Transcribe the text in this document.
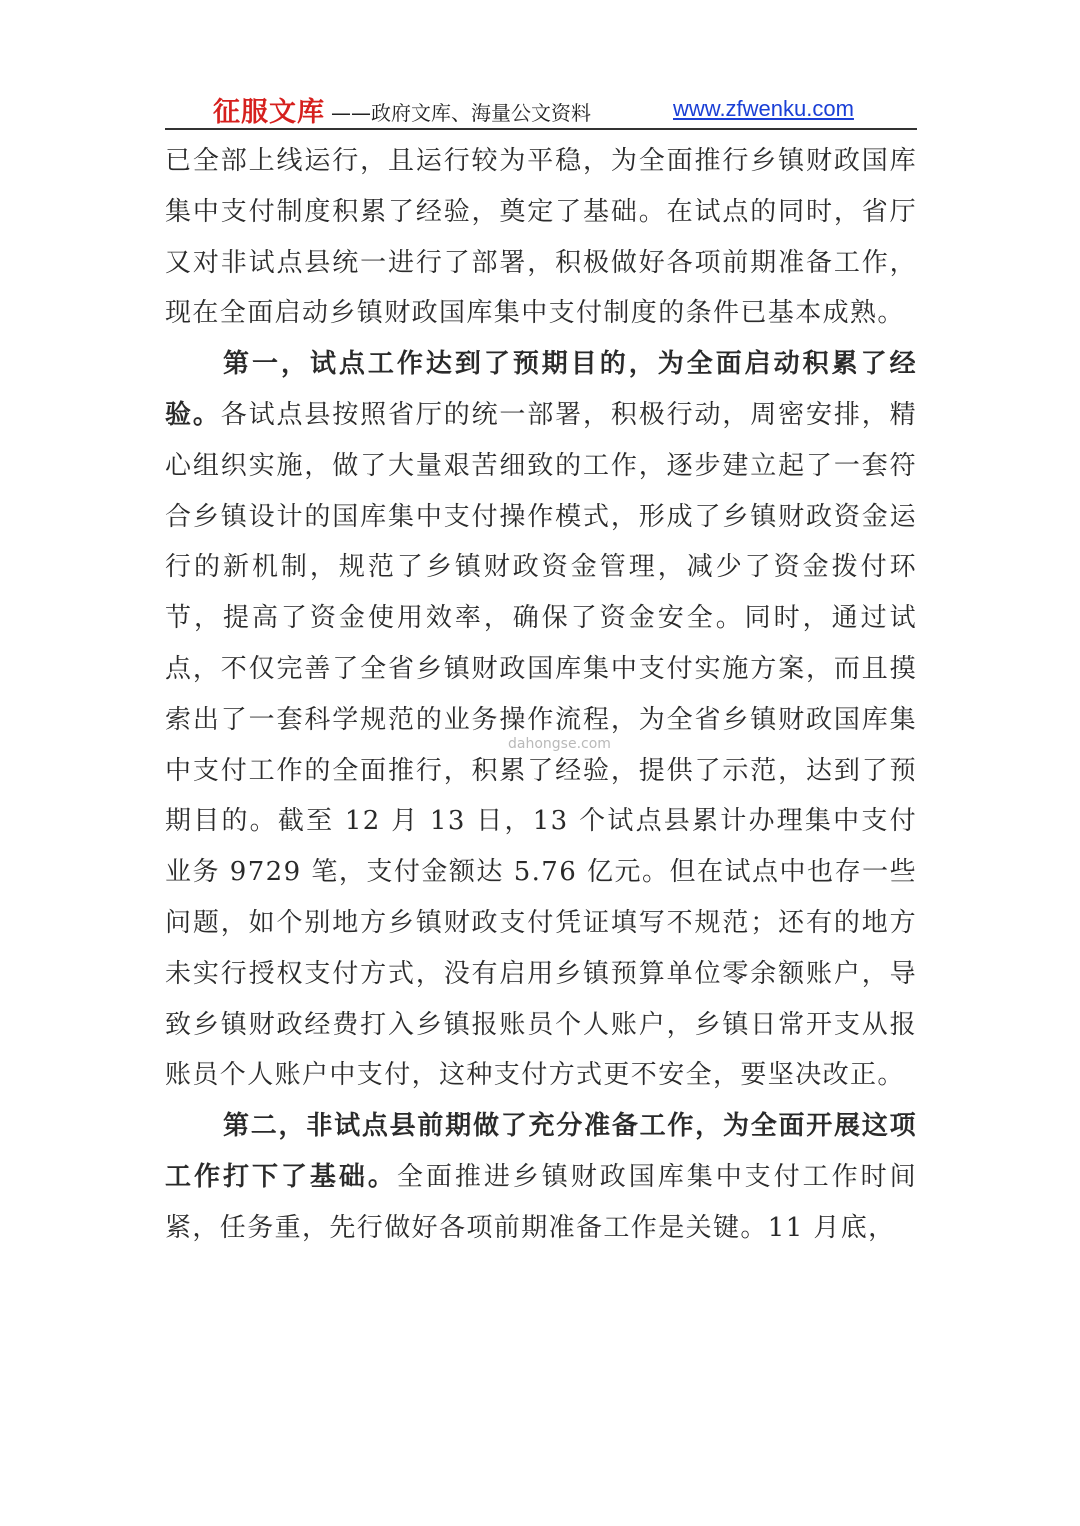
征服文库 ——政府文库、海量公文资料	www.zfwenku.com

已全部上线运行，且运行较为平稳，为全面推行乡镇财政国库集中支付制度积累了经验，奠定了基础。在试点的同时，省厅又对非试点县统一进行了部署，积极做好各项前期准备工作，现在全面启动乡镇财政国库集中支付制度的条件已基本成熟。

第一，试点工作达到了预期目的，为全面启动积累了经验。各试点县按照省厅的统一部署，积极行动，周密安排，精心组织实施，做了大量艰苦细致的工作，逐步建立起了一套符合乡镇设计的国库集中支付操作模式，形成了乡镇财政资金运行的新机制，规范了乡镇财政资金管理，减少了资金拨付环节，提高了资金使用效率，确保了资金安全。同时，通过试点，不仅完善了全省乡镇财政国库集中支付实施方案，而且摸索出了一套科学规范的业务操作流程，为全省乡镇财政国库集中支付工作的全面推行，积累了经验，提供了示范，达到了预期目的。截至 12 月 13 日，13 个试点县累计办理集中支付业务 9729 笔，支付金额达 5.76 亿元。但在试点中也存一些问题，如个别地方乡镇财政支付凭证填写不规范；还有的地方未实行授权支付方式，没有启用乡镇预算单位零余额账户，导致乡镇财政经费打入乡镇报账员个人账户，乡镇日常开支从报账员个人账户中支付，这种支付方式更不安全，要坚决改正。

第二，非试点县前期做了充分准备工作，为全面开展这项工作打下了基础。全面推进乡镇财政国库集中支付工作时间紧，任务重，先行做好各项前期准备工作是关键。11 月底，

dahongse.com
